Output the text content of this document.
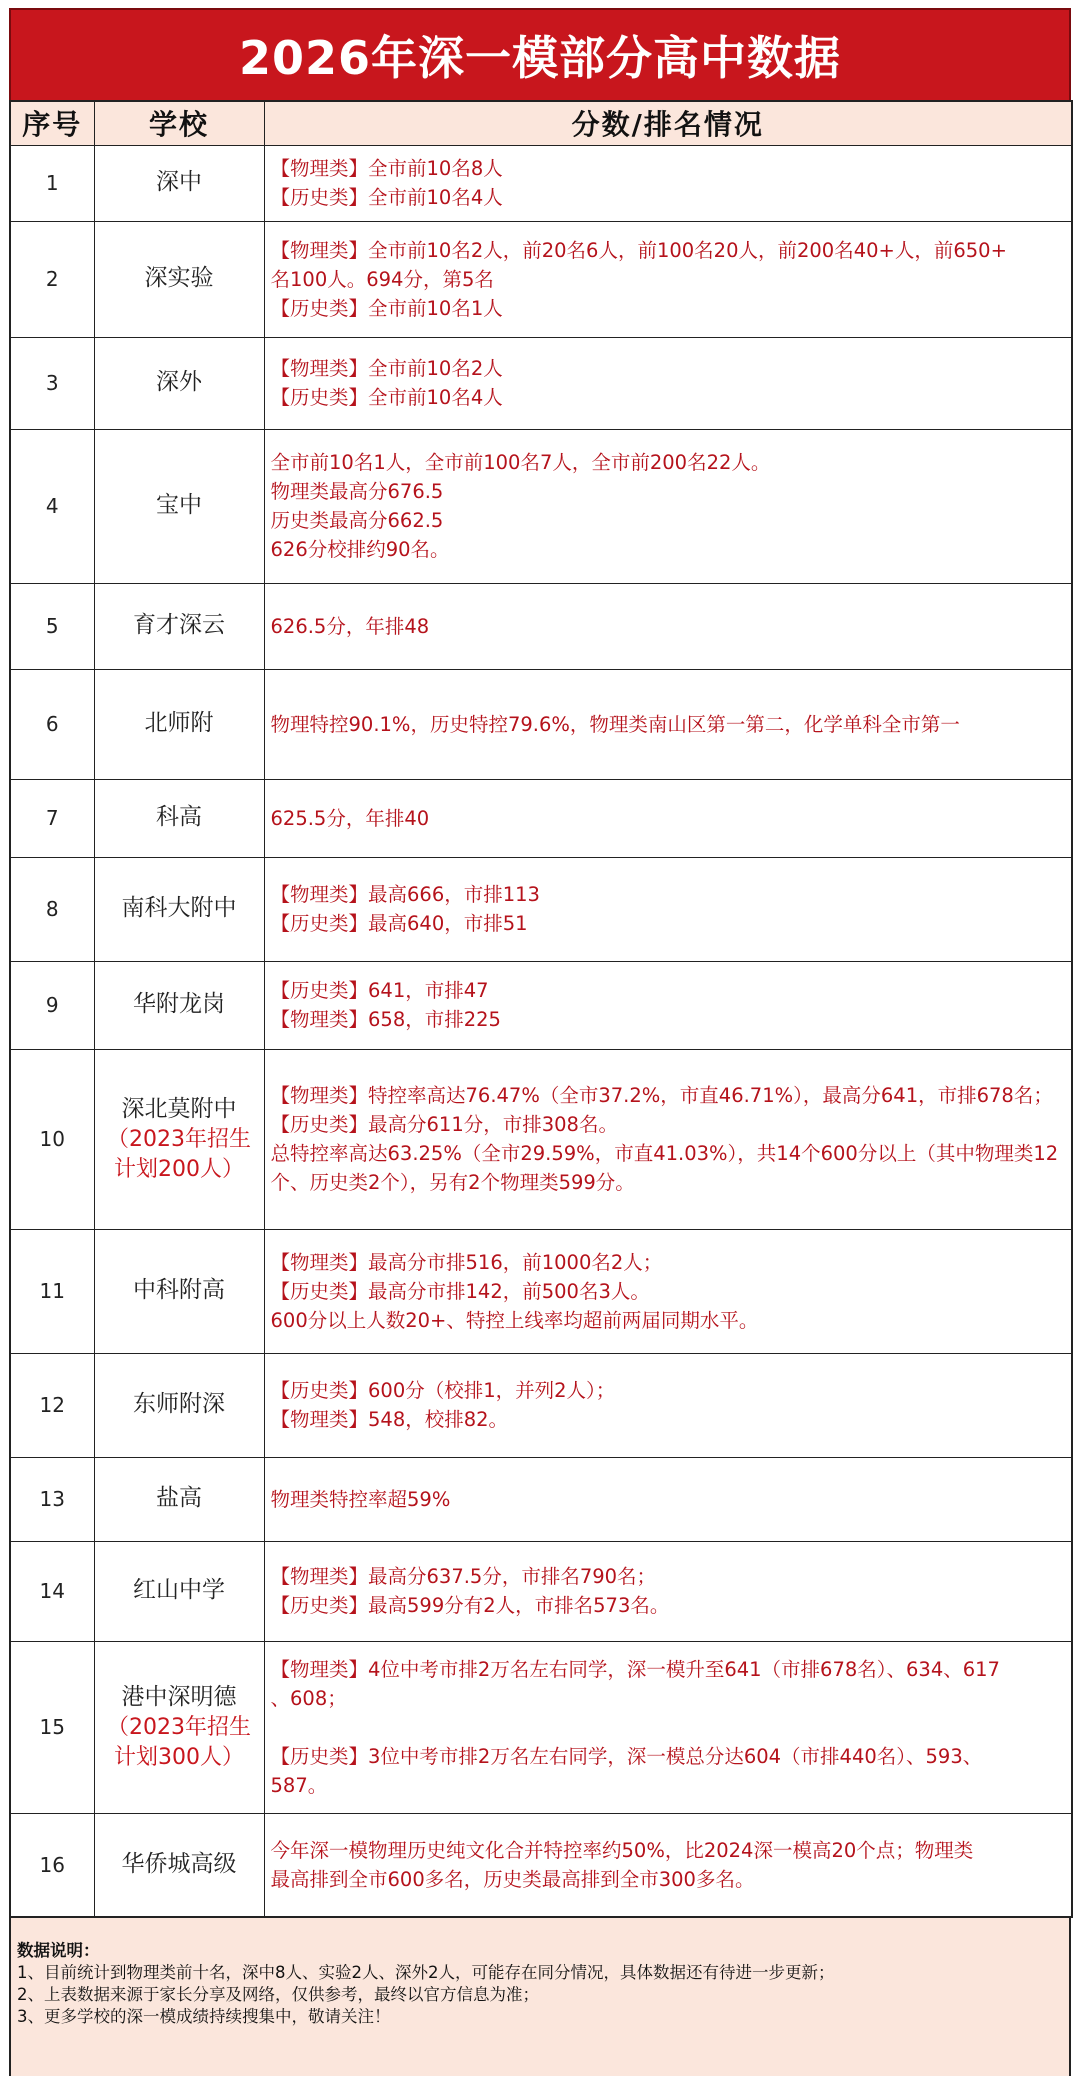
2026年深一模部分高中数据
序号	学校	分数/排名情况
1	深中	【物理类】全市前10名8人
【历史类】全市前10名4人

2	深实验	【物理类】全市前10名2人，前20名6人，前100名20人，前200名40+人，前650+
名100人。694分，第5名
【历史类】全市前10名1人

3	深外	【物理类】全市前10名2人
【历史类】全市前10名4人

4	宝中	全市前10名1人，全市前100名7人，全市前200名22人。
物理类最高分676.5
历史类最高分662.5
626分校排约90名。

5	育才深云	626.5分，年排48

6	北师附	物理特控90.1%，历史特控79.6%，物理类南山区第一第二，化学单科全市第一

7	科高	625.5分，年排40

8	南科大附中	【物理类】最高666，市排113
【历史类】最高640，市排51

9	华附龙岗	【历史类】641，市排47
【物理类】658，市排225

10	深北莫附中
（2023年招生计划200人）	【物理类】特控率高达76.47%（全市37.2%，市直46.71%），最高分641，市排678名；
【历史类】最高分611分，市排308名。
总特控率高达63.25%（全市29.59%，市直41.03%），共14个600分以上（其中物理类12
个、历史类2个），另有2个物理类599分。

11	中科附高	【物理类】最高分市排516，前1000名2人；
【历史类】最高分市排142，前500名3人。
600分以上人数20+、特控上线率均超前两届同期水平。

12	东师附深	【历史类】600分（校排1，并列2人）；
【物理类】548，校排82。

13	盐高	物理类特控率超59%

14	红山中学	【物理类】最高分637.5分，市排名790名；
【历史类】最高599分有2人，市排名573名。

15	港中深明德
（2023年招生计划300人）	【物理类】4位中考市排2万名左右同学，深一模升至641（市排678名）、634、617
、608；
【历史类】3位中考市排2万名左右同学，深一模总分达604（市排440名）、593、
587。

16	华侨城高级	今年深一模物理历史纯文化合并特控率约50%，比2024深一模高20个点；物理类
最高排到全市600多名，历史类最高排到全市300多名。
数据说明：
1、目前统计到物理类前十名，深中8人、实验2人、深外2人，可能存在同分情况，具体数据还有待进一步更新；
2、上表数据来源于家长分享及网络，仅供参考，最终以官方信息为准；
3、更多学校的深一模成绩持续搜集中，敬请关注！
